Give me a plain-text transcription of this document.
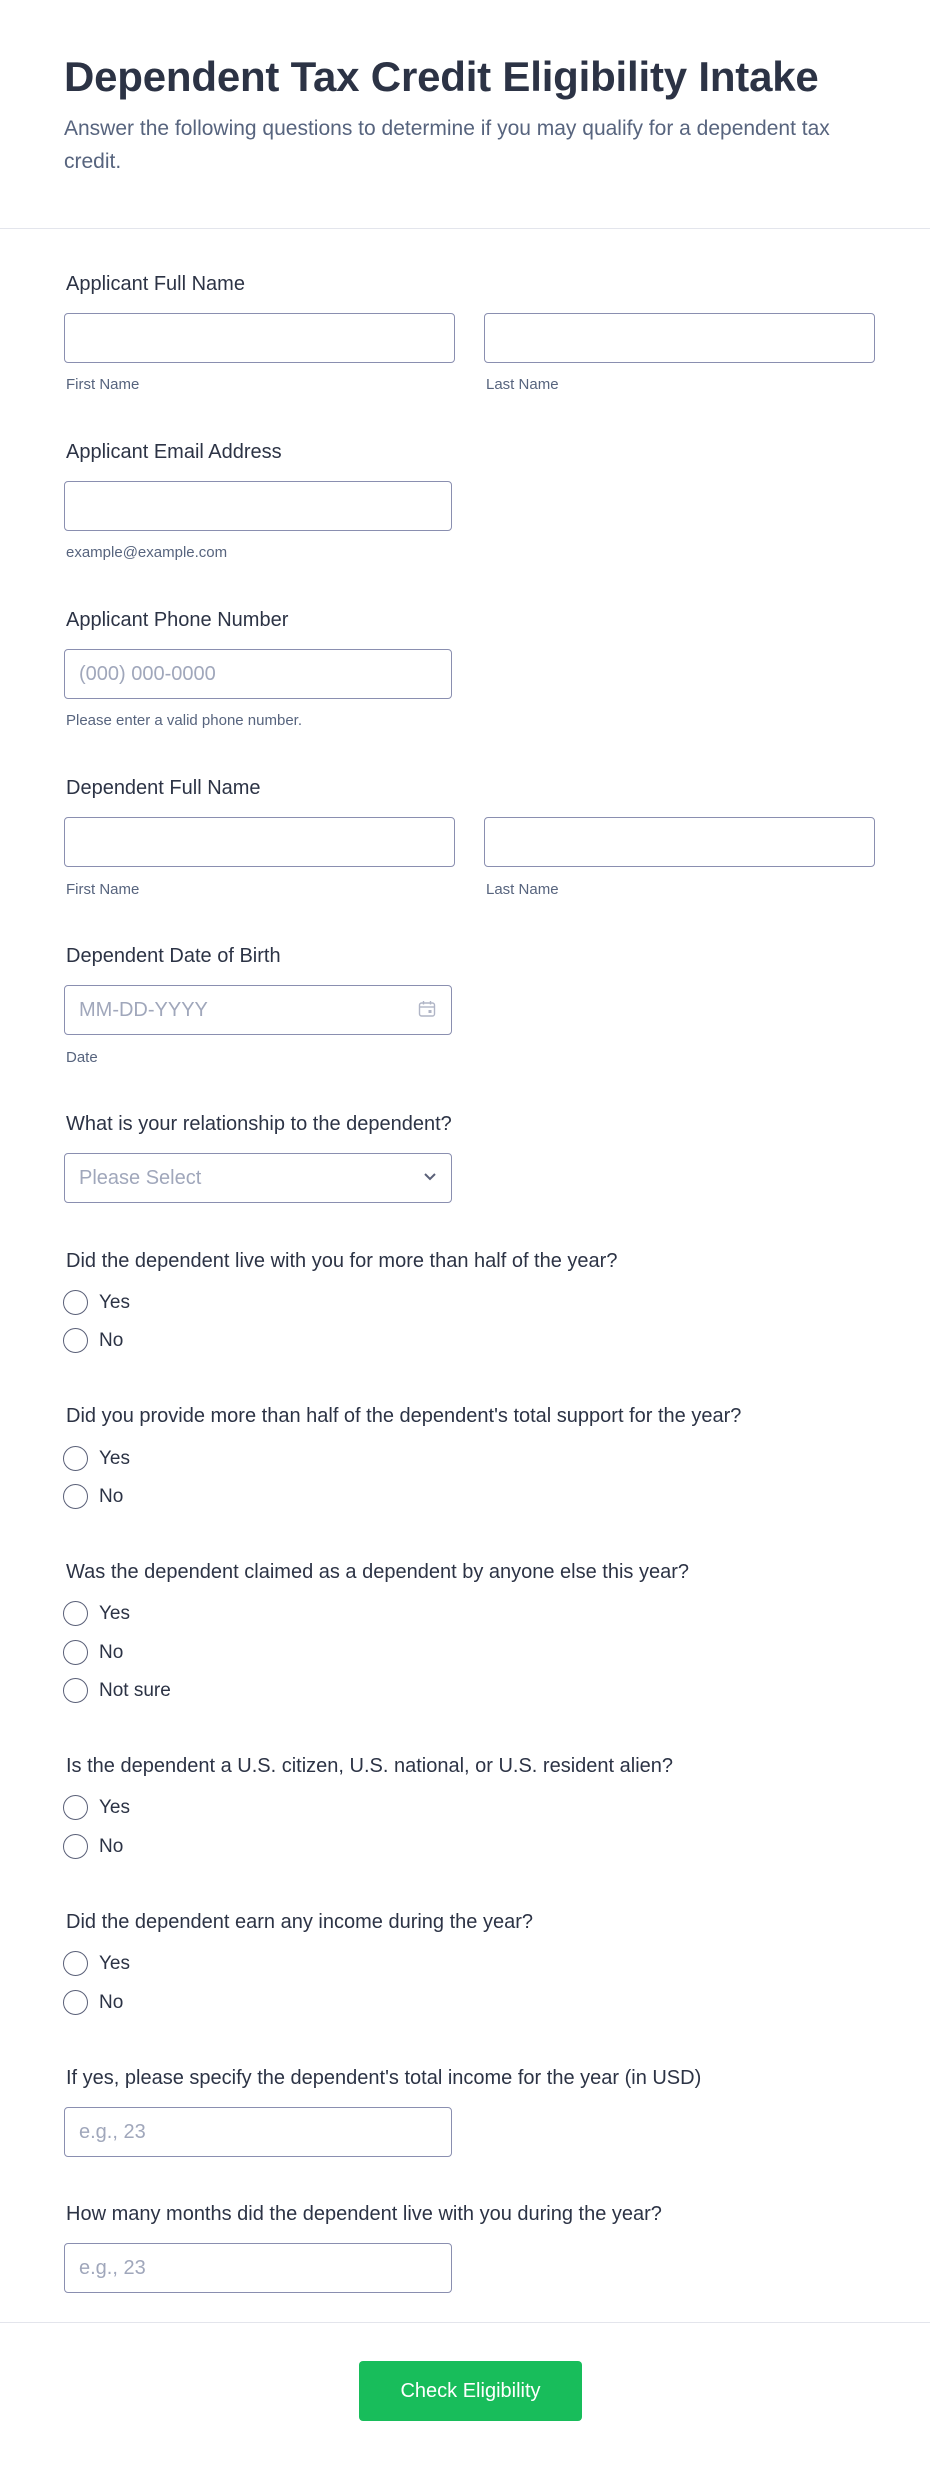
Dependent Tax Credit Eligibility Intake

Answer the following questions to determine if you may qualify for a dependent tax credit.

Applicant Full Name
First Name	Last Name
Applicant Email Address
example@example.com
Applicant Phone Number
(000) 000-0000
Please enter a valid phone number.
Dependent Full Name
First Name	Last Name
Dependent Date of Birth
MM-DD-YYYY
Date
What is your relationship to the dependent?
Please Select
Did the dependent live with you for more than half of the year?
Yes
No
Did you provide more than half of the dependent's total support for the year?
Yes
No
Was the dependent claimed as a dependent by anyone else this year?
Yes
No
Not sure
Is the dependent a U.S. citizen, U.S. national, or U.S. resident alien?
Yes
No
Did the dependent earn any income during the year?
Yes
No
If yes, please specify the dependent's total income for the year (in USD)
e.g., 23
How many months did the dependent live with you during the year?
e.g., 23
Check Eligibility
